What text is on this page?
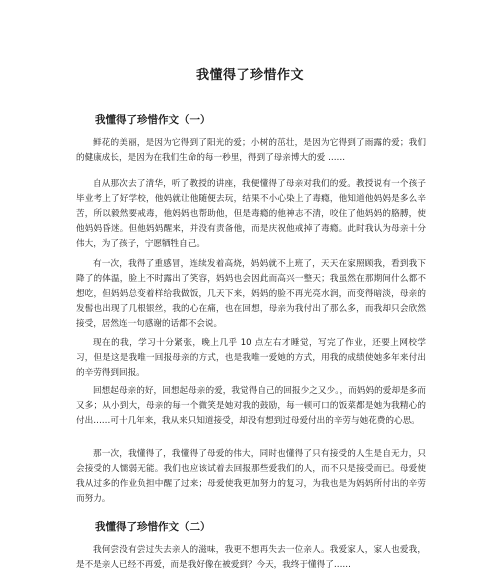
我懂得了珍惜作文
我懂得了珍惜作文（一）
鲜花的美丽，是因为它得到了阳光的爱；小树的茁壮，是因为它得到了雨露的爱；我们的健康成长，是因为在我们生命的每一秒里，得到了母亲博大的爱 ……
自从那次去了清华，听了教授的讲座，我便懂得了母亲对我们的爱。教授说有一个孩子毕业考上了好学校，他妈就让他随便去玩，结果不小心染上了毒瘾，他知道他妈妈是多么辛苦，所以毅然要戒毒，他妈妈也帮助他，但是毒瘾的他神志不清，咬住了他妈妈的胳膊，使他妈妈昏迷。但他妈妈醒来，并没有责备他，而是庆祝他戒掉了毒瘾。此时我认为母亲十分伟大，为了孩子，宁愿牺牲自己。
有一次，我得了重感冒，连续发着高烧，妈妈就不上班了，天天在家照顾我，看到我下降了的体温，脸上不时露出了笑容，妈妈也会因此而高兴一整天；我虽然在那期间什么都不想吃，但妈妈总变着样给我做饭，几天下来，妈妈的脸不再光亮水润，而变得暗淡，母亲的发髻也出现了几根银丝，我的心在痛，也在回想，母亲为我付出了那么多，而我却只会欣然接受，居然连一句感谢的话都不会说。
现在的我，学习十分紧张，晚上几乎 10 点左右才睡觉，写完了作业，还要上网校学习，但是这是我唯一回报母亲的方式，也是我唯一爱她的方式，用我的成绩使她多年来付出的辛劳得到回报。
回想起母亲的好，回想起母亲的爱，我觉得自己的回报少之又少。，而妈妈的爱却是多而又多；从小到大，母亲的每一个微笑是她对我的鼓励，每一顿可口的饭菜都是她为我精心的付出……可十几年来，我从来只知道接受，却没有想到过母爱付出的辛劳与她花费的心思。
那一次，我懂得了，我懂得了母爱的伟大，同时也懂得了只有接受的人生是自无力，只会接受的人懦弱无能。我们也应该试着去回报那些爱我们的人，而不只是接受而已。母爱使我从过多的作业负担中醒了过来；母爱使我更加努力的复习，为我也是为妈妈所付出的辛劳而努力。
我懂得了珍惜作文（二）
我何尝没有尝过失去亲人的滋味，我更不想再失去一位亲人。我爱家人，家人也爱我，是不是亲人已经不再爱，而是我好像在被爱到？今天，我终于懂得了……
